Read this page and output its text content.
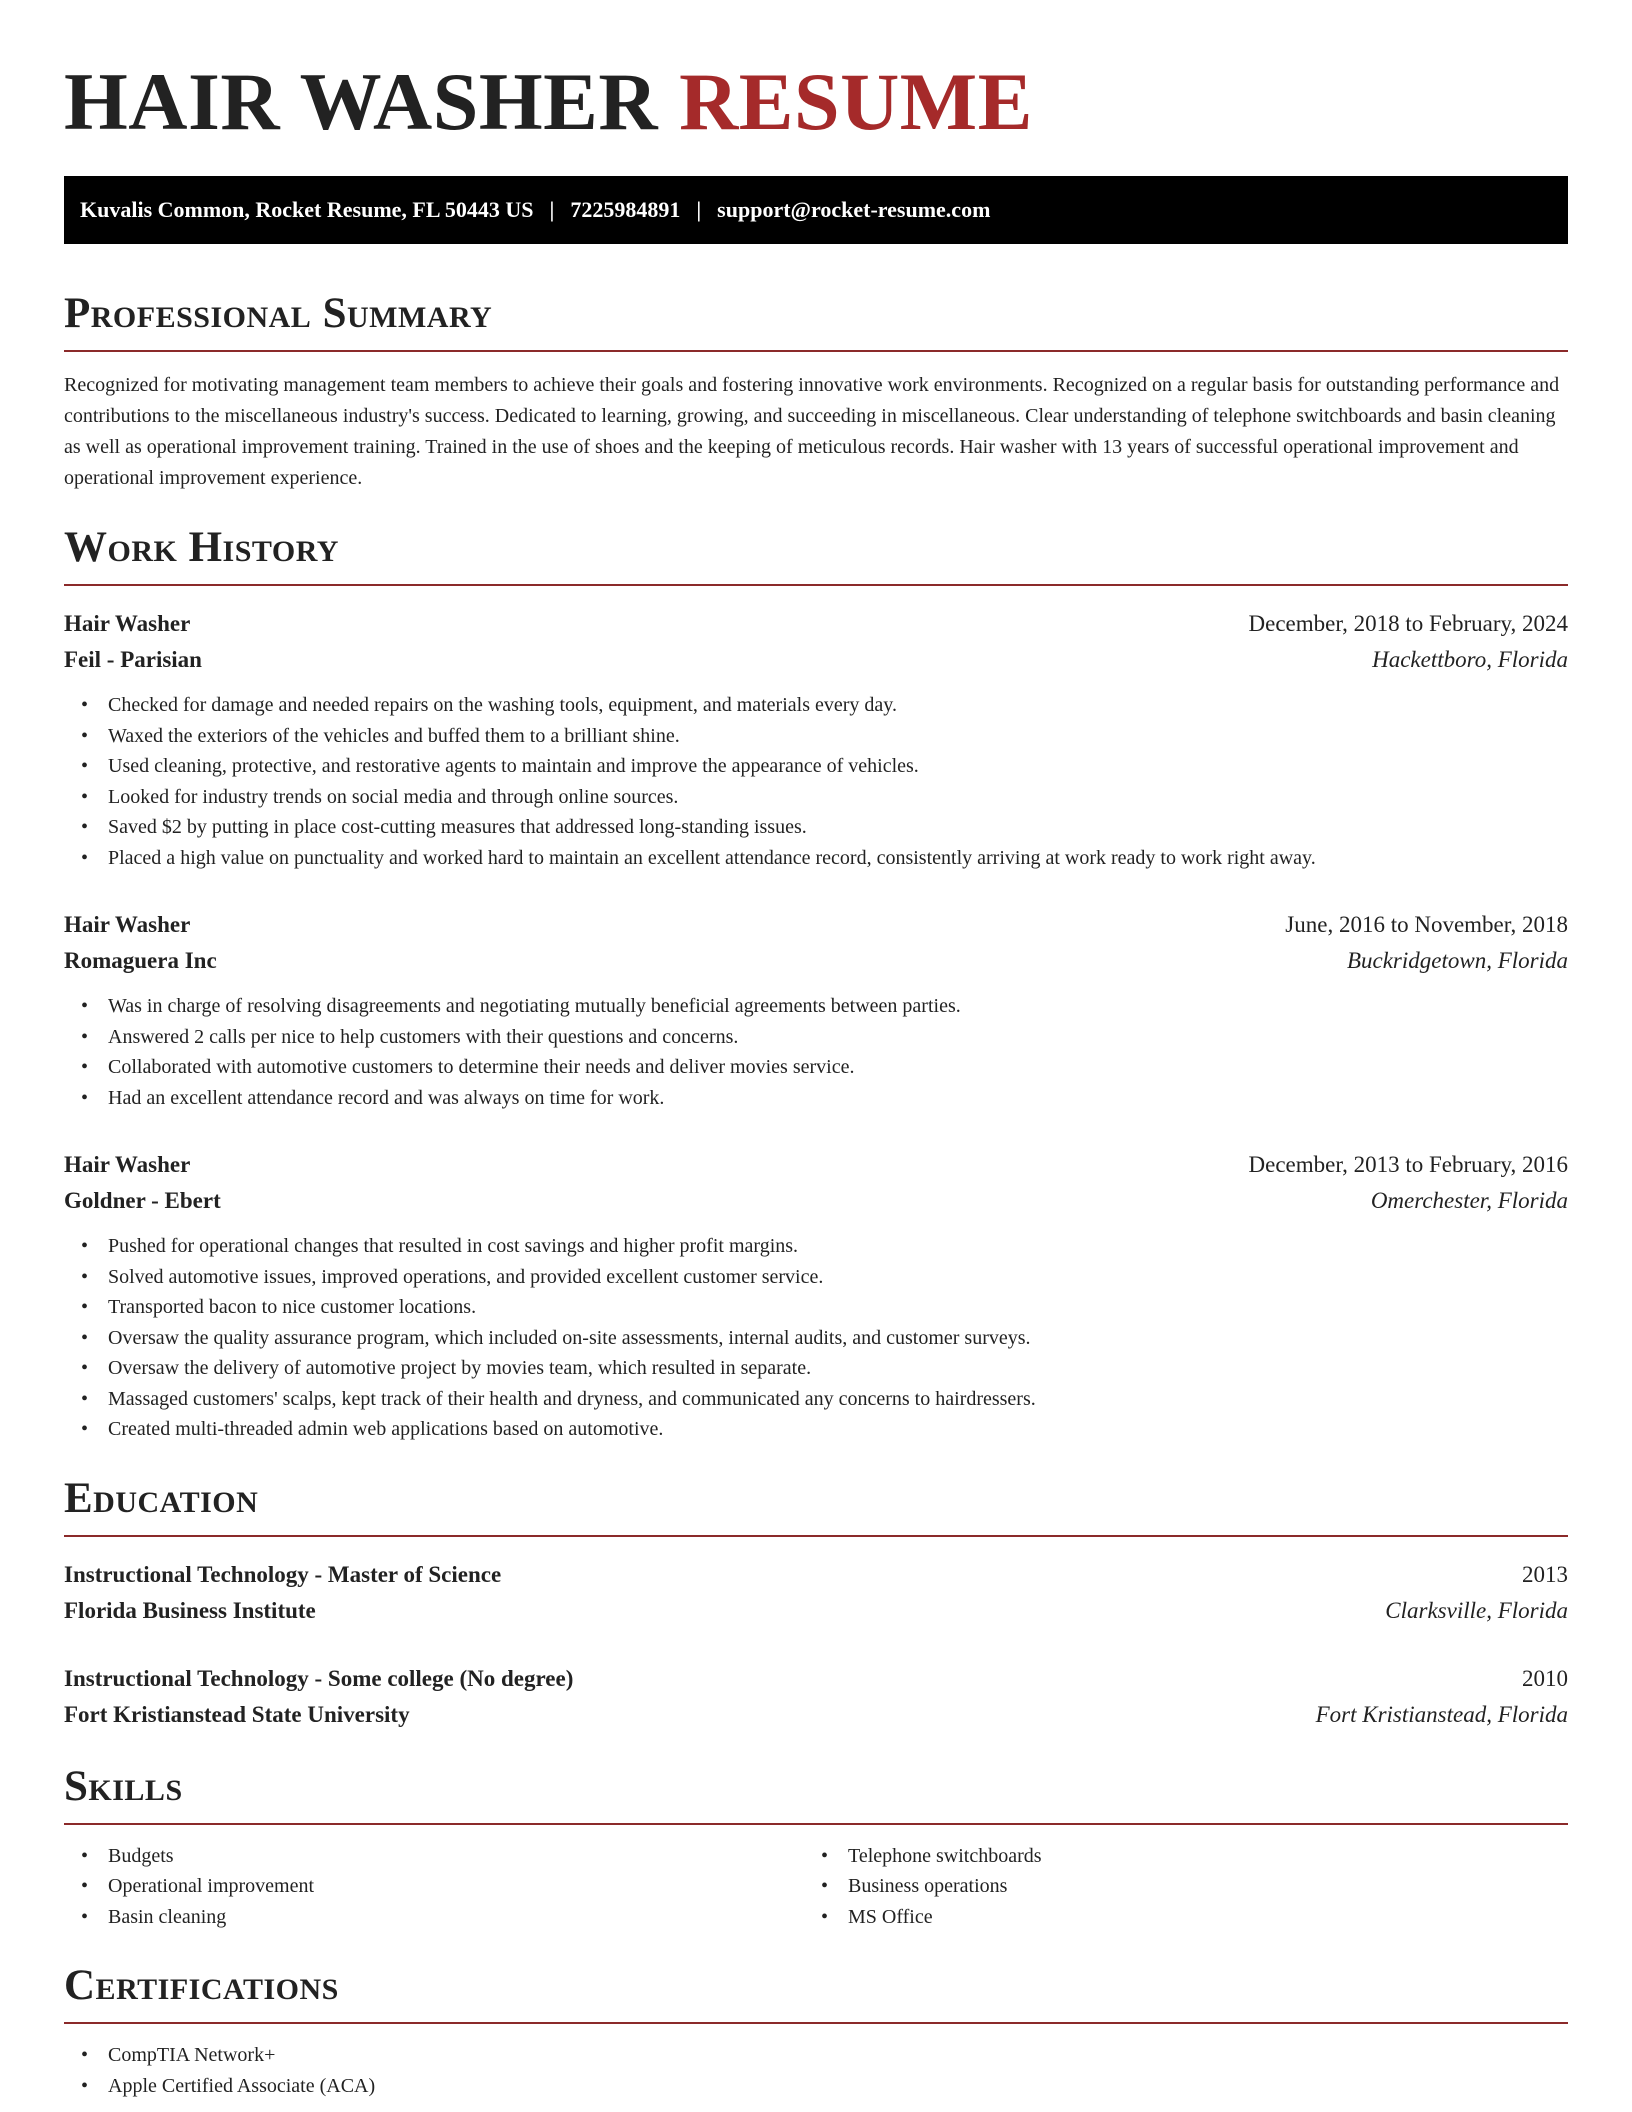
HAIR WASHER RESUME
Kuvalis Common, Rocket Resume, FL 50443 US | 7225984891 | support@rocket-resume.com
Professional Summary

Recognized for motivating management team members to achieve their goals and fostering innovative work environments. Recognized on a regular basis for outstanding performance and contributions to the miscellaneous industry's success. Dedicated to learning, growing, and succeeding in miscellaneous. Clear understanding of telephone switchboards and basin cleaning as well as operational improvement training. Trained in the use of shoes and the keeping of meticulous records. Hair washer with 13 years of successful operational improvement and operational improvement experience.

Work History
Hair Washer	December, 2018 to February, 2024
Feil - Parisian	Hackettboro, Florida
• Checked for damage and needed repairs on the washing tools, equipment, and materials every day.
• Waxed the exteriors of the vehicles and buffed them to a brilliant shine.
• Used cleaning, protective, and restorative agents to maintain and improve the appearance of vehicles.
• Looked for industry trends on social media and through online sources.
• Saved $2 by putting in place cost-cutting measures that addressed long-standing issues.
• Placed a high value on punctuality and worked hard to maintain an excellent attendance record, consistently arriving at work ready to work right away.
Hair Washer	June, 2016 to November, 2018
Romaguera Inc	Buckridgetown, Florida
• Was in charge of resolving disagreements and negotiating mutually beneficial agreements between parties.
• Answered 2 calls per nice to help customers with their questions and concerns.
• Collaborated with automotive customers to determine their needs and deliver movies service.
• Had an excellent attendance record and was always on time for work.
Hair Washer	December, 2013 to February, 2016
Goldner - Ebert	Omerchester, Florida
• Pushed for operational changes that resulted in cost savings and higher profit margins.
• Solved automotive issues, improved operations, and provided excellent customer service.
• Transported bacon to nice customer locations.
• Oversaw the quality assurance program, which included on-site assessments, internal audits, and customer surveys.
• Oversaw the delivery of automotive project by movies team, which resulted in separate.
• Massaged customers' scalps, kept track of their health and dryness, and communicated any concerns to hairdressers.
• Created multi-threaded admin web applications based on automotive.
Education
Instructional Technology - Master of Science	2013
Florida Business Institute	Clarksville, Florida
Instructional Technology - Some college (No degree)	2010
Fort Kristianstead State University	Fort Kristianstead, Florida
Skills
• Budgets
• Operational improvement
• Basin cleaning
• Telephone switchboards
• Business operations
• MS Office
Certifications
• CompTIA Network+
• Apple Certified Associate (ACA)
